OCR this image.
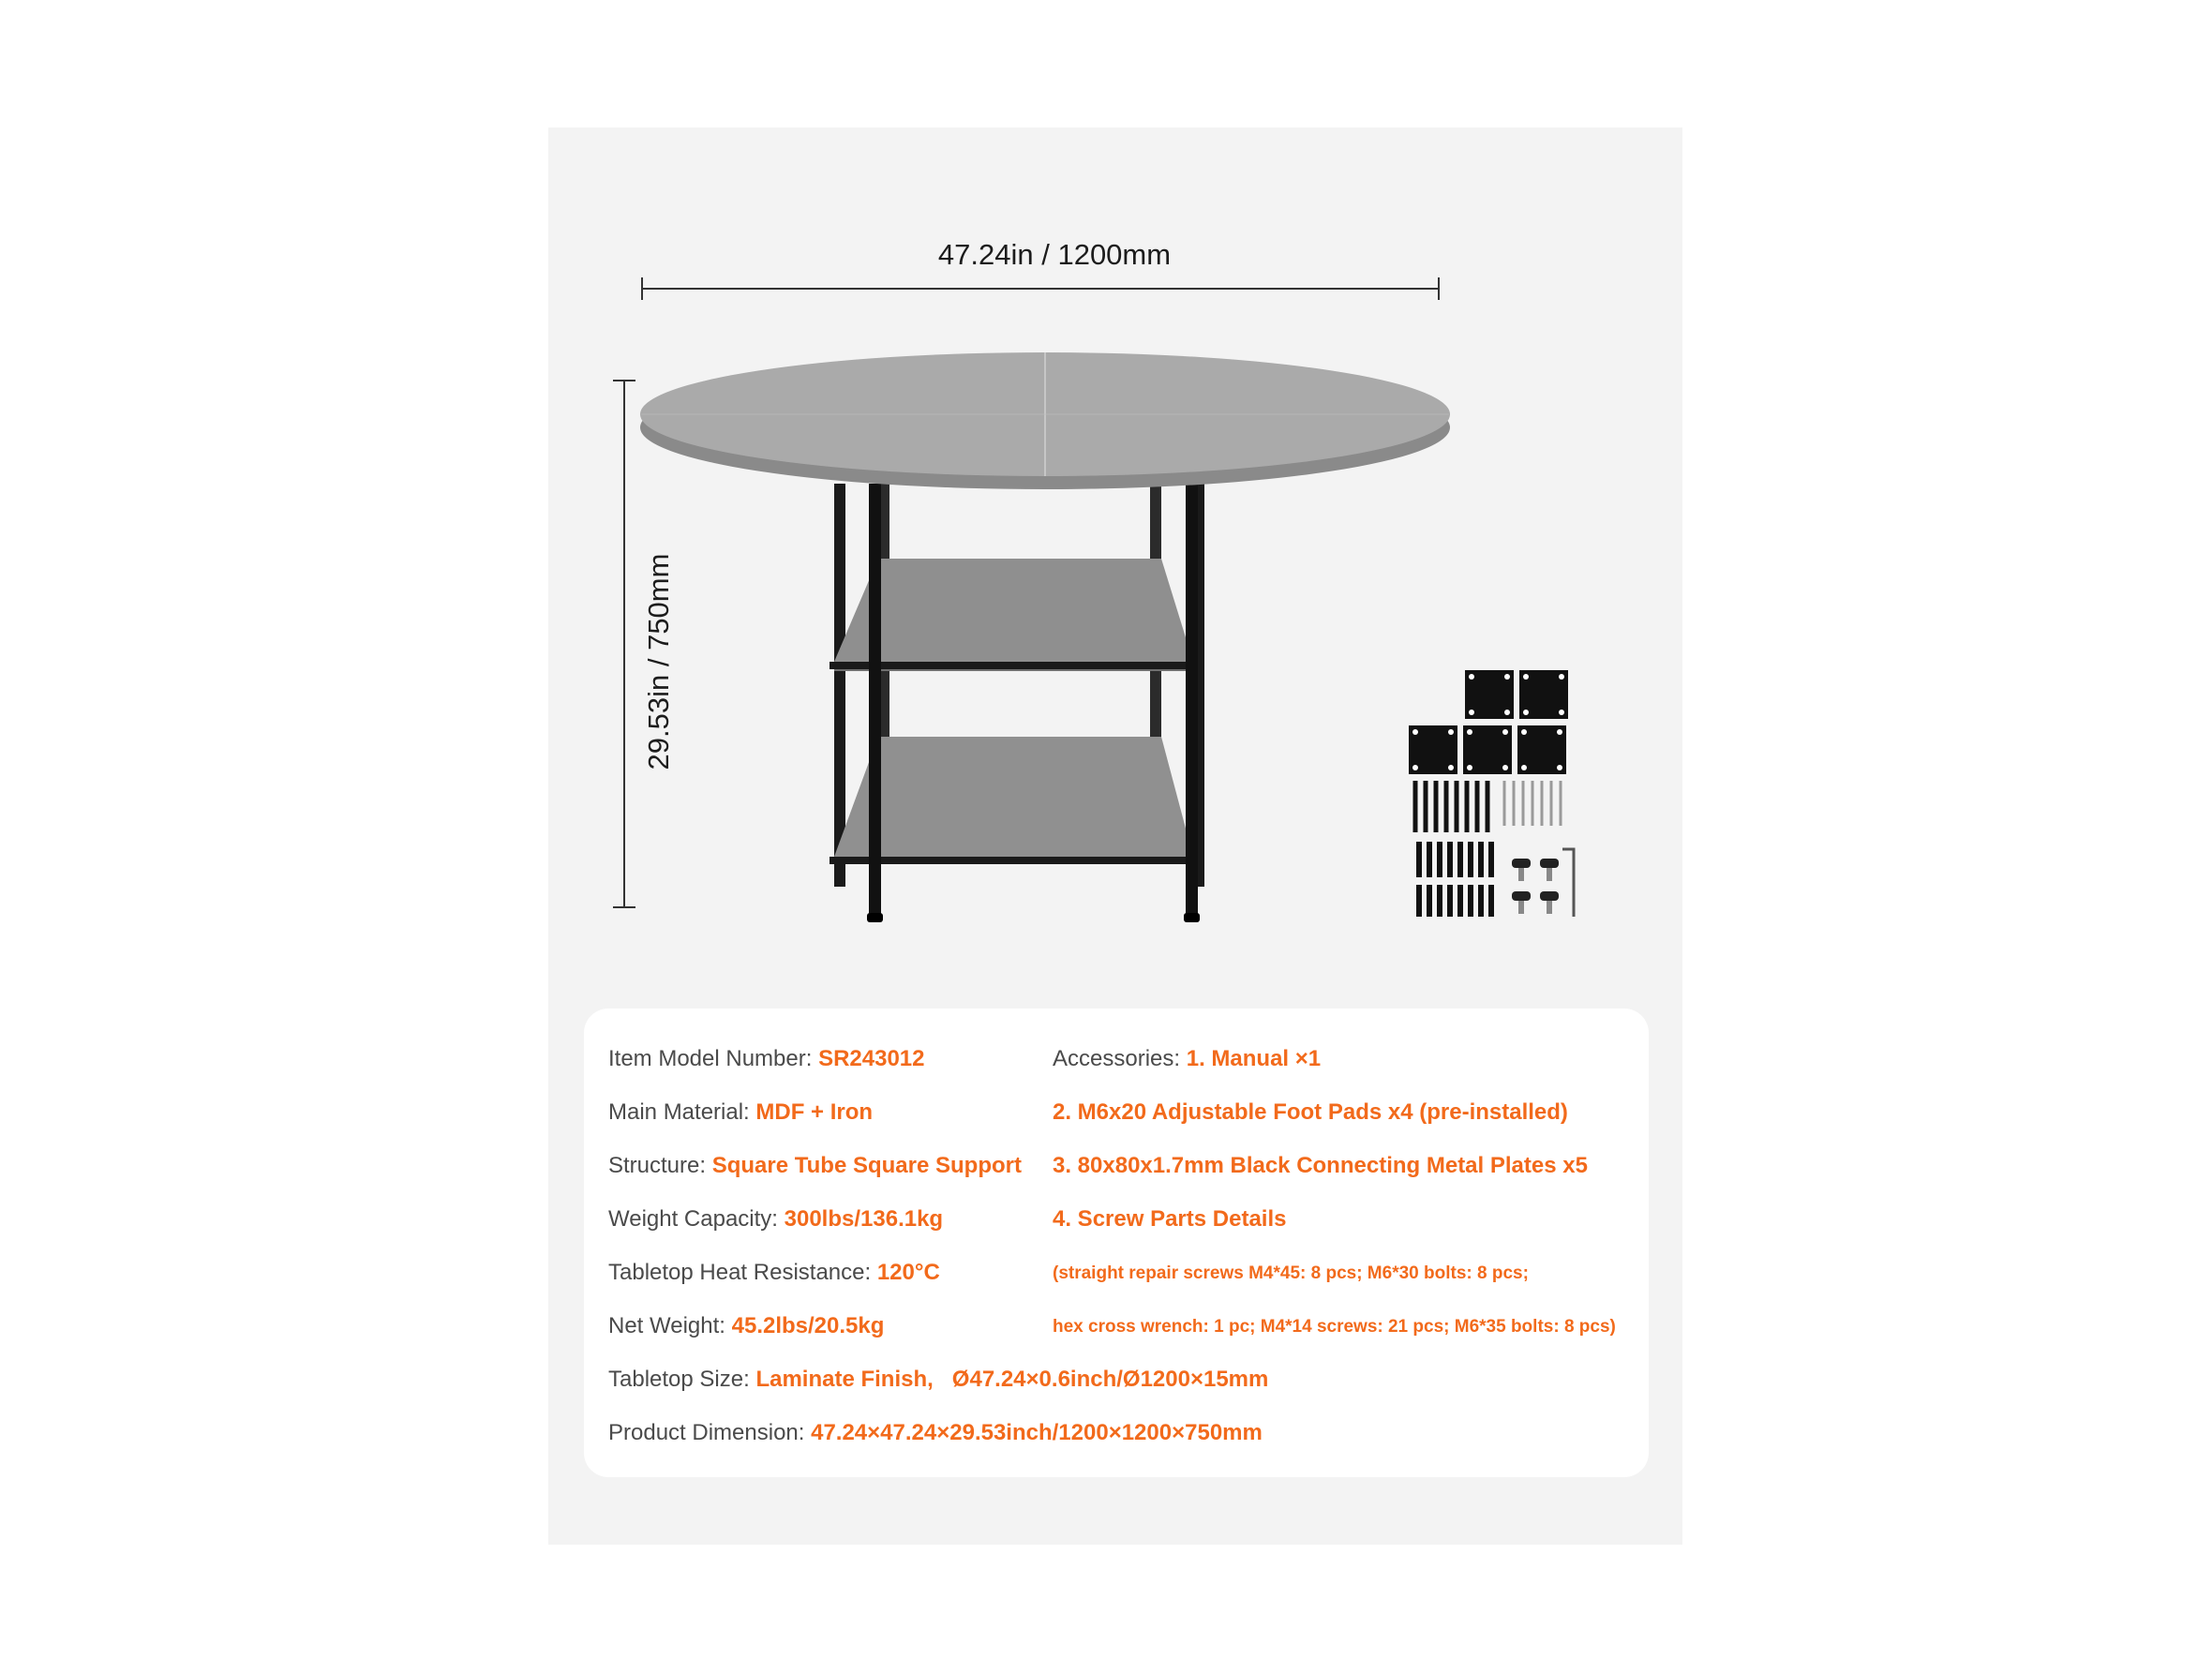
47.24in / 1200mm
29.53in / 750mm
Item Model Number: SR243012
Main Material: MDF + Iron
Structure: Square Tube Square Support
Weight Capacity: 300lbs/136.1kg
Tabletop Heat Resistance: 120°C
Net Weight: 45.2lbs/20.5kg
Tabletop Size: Laminate Finish,   Ø47.24×0.6inch/Ø1200×15mm
Product Dimension: 47.24×47.24×29.53inch/1200×1200×750mm
Accessories: 1. Manual ×1
2. M6x20 Adjustable Foot Pads x4 (pre-installed)
3. 80x80x1.7mm Black Connecting Metal Plates x5
4. Screw Parts Details
(straight repair screws M4*45: 8 pcs; M6*30 bolts: 8 pcs;
hex cross wrench: 1 pc; M4*14 screws: 21 pcs; M6*35 bolts: 8 pcs)
